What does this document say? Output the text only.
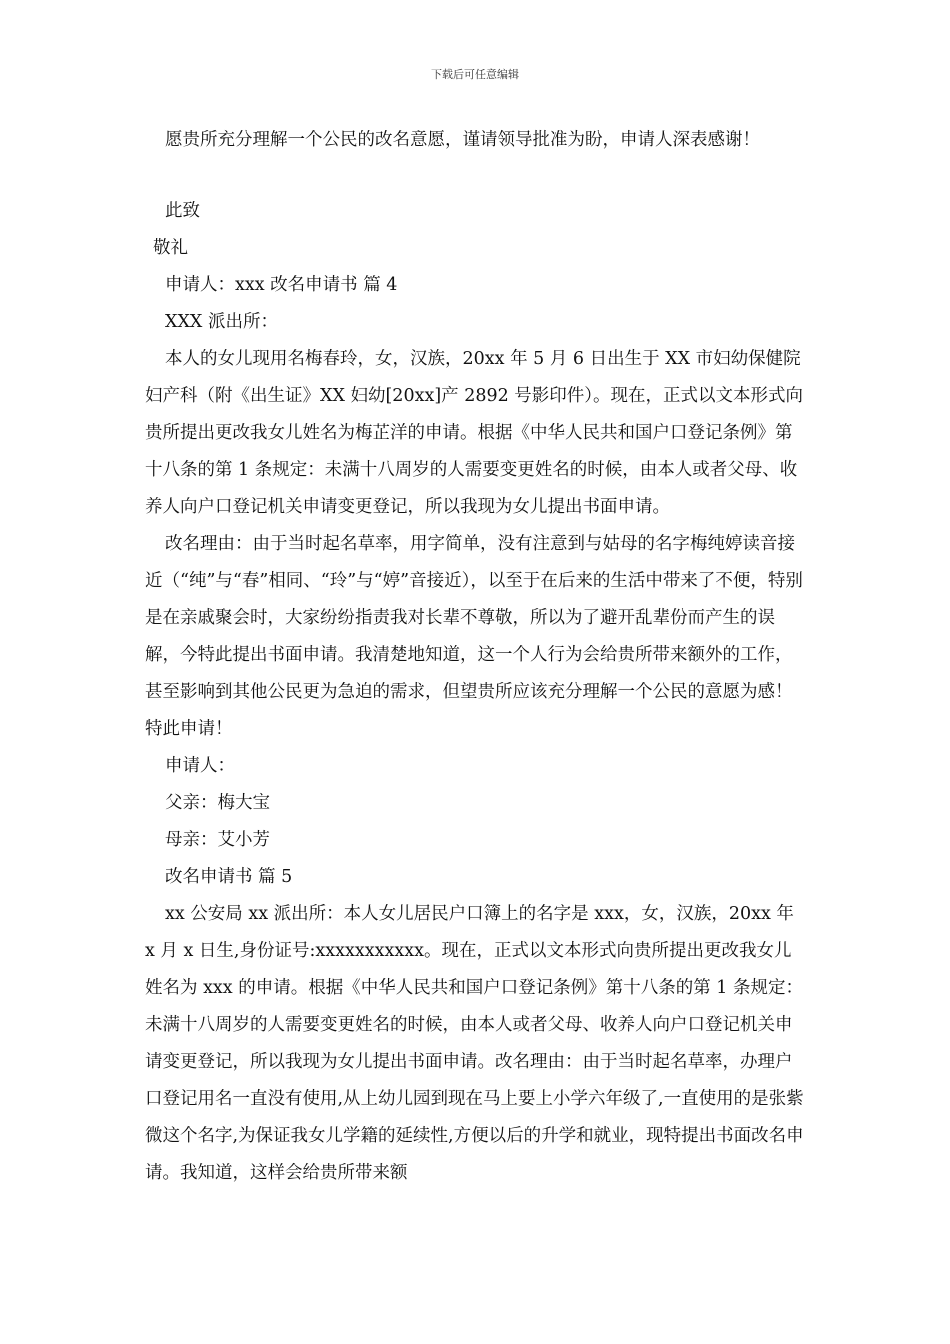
下载后可任意编辑

愿贵所充分理解一个公民的改名意愿，谨请领导批准为盼，申请人深表感谢！

此致

敬礼

申请人：xxx 改名申请书 篇 4

XXX 派出所：

本人的女儿现用名梅春玲，女，汉族，20xx 年 5 月 6 日出生于 XX 市妇幼保健院妇产科（附《出生证》XX 妇幼[20xx]产 2892 号影印件）。现在，正式以文本形式向贵所提出更改我女儿姓名为梅芷洋的申请。根据《中华人民共和国户口登记条例》第十八条的第 1 条规定：未满十八周岁的人需要变更姓名的时候，由本人或者父母、收养人向户口登记机关申请变更登记，所以我现为女儿提出书面申请。

改名理由：由于当时起名草率，用字简单，没有注意到与姑母的名字梅纯婷读音接近（“纯”与“春”相同、“玲”与“婷”音接近），以至于在后来的生活中带来了不便，特别是在亲戚聚会时，大家纷纷指责我对长辈不尊敬，所以为了避开乱辈份而产生的误解，今特此提出书面申请。我清楚地知道，这一个人行为会给贵所带来额外的工作，甚至影响到其他公民更为急迫的需求，但望贵所应该充分理解一个公民的意愿为感！特此申请！

申请人：

父亲：梅大宝

母亲：艾小芳

改名申请书 篇 5

xx 公安局 xx 派出所：本人女儿居民户口簿上的名字是 xxx，女，汉族，20xx 年 x 月 x 日生,身份证号:xxxxxxxxxxx。现在，正式以文本形式向贵所提出更改我女儿姓名为 xxx 的申请。根据《中华人民共和国户口登记条例》第十八条的第 1 条规定：未满十八周岁的人需要变更姓名的时候，由本人或者父母、收养人向户口登记机关申请变更登记，所以我现为女儿提出书面申请。改名理由：由于当时起名草率，办理户口登记用名一直没有使用,从上幼儿园到现在马上要上小学六年级了,一直使用的是张紫微这个名字,为保证我女儿学籍的延续性,方便以后的升学和就业，现特提出书面改名申请。我知道，这样会给贵所带来额
